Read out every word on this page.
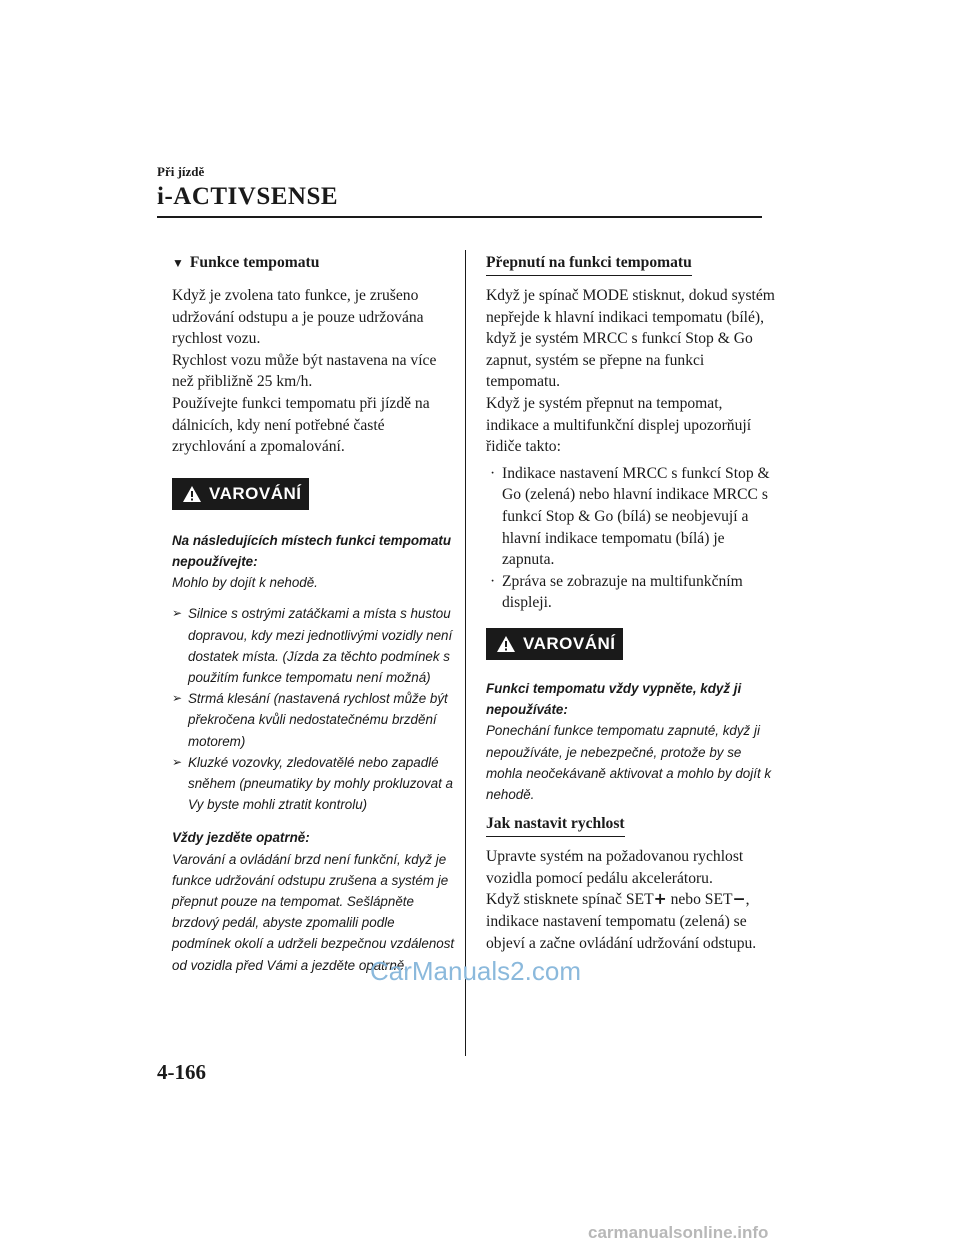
Při jízdě
i-ACTIVSENSE
▼ Funkce tempomatu

Když je zvolena tato funkce, je zrušeno udržování odstupu a je pouze udržována rychlost vozu.

Rychlost vozu může být nastavena na více než přibližně 25 km/h.

Používejte funkci tempomatu při jízdě na dálnicích, kdy není potřebné časté zrychlování a zpomalování.

VAROVÁNÍ

Na následujících místech funkci tempomatu nepoužívejte:

Mohlo by dojít k nehodě.

➢ Silnice s ostrými zatáčkami a místa s hustou dopravou, kdy mezi jednotlivými vozidly není dostatek místa. (Jízda za těchto podmínek s použitím funkce tempomatu není možná)
➢ Strmá klesání (nastavená rychlost může být překročena kvůli nedostatečnému brzdění motorem)
➢ Kluzké vozovky, zledovatělé nebo zapadlé sněhem (pneumatiky by mohly prokluzovat a Vy byste mohli ztratit kontrolu)

Vždy jezděte opatrně:

Varování a ovládání brzd není funkční, když je funkce udržování odstupu zrušena a systém je přepnut pouze na tempomat. Sešlápněte brzdový pedál, abyste zpomalili podle podmínek okolí a udrželi bezpečnou vzdálenost od vozidla před Vámi a jezděte opatrně.

Přepnutí na funkci tempomatu

Když je spínač MODE stisknut, dokud systém nepřejde k hlavní indikaci tempomatu (bílé), když je systém MRCC s funkcí Stop & Go zapnut, systém se přepne na funkci tempomatu.

Když je systém přepnut na tempomat, indikace a multifunkční displej upozorňují řidiče takto:

· Indikace nastavení MRCC s funkcí Stop & Go (zelená) nebo hlavní indikace MRCC s funkcí Stop & Go (bílá) se neobjevují a hlavní indikace tempomatu (bílá) je zapnuta.
· Zpráva se zobrazuje na multifunkčním displeji.
VAROVÁNÍ

Funkci tempomatu vždy vypněte, když ji nepoužíváte:

Ponechání funkce tempomatu zapnuté, když ji nepoužíváte, je nebezpečné, protože by se mohla neočekávaně aktivovat a mohlo by dojít k nehodě.

Jak nastavit rychlost

Upravte systém na požadovanou rychlost vozidla pomocí pedálu akcelerátoru.

Když stisknete spínač SET+ nebo SET−, indikace nastavení tempomatu (zelená) se objeví a začne ovládání udržování odstupu.

CarManuals2.com
4-166
carmanualsonline.info
